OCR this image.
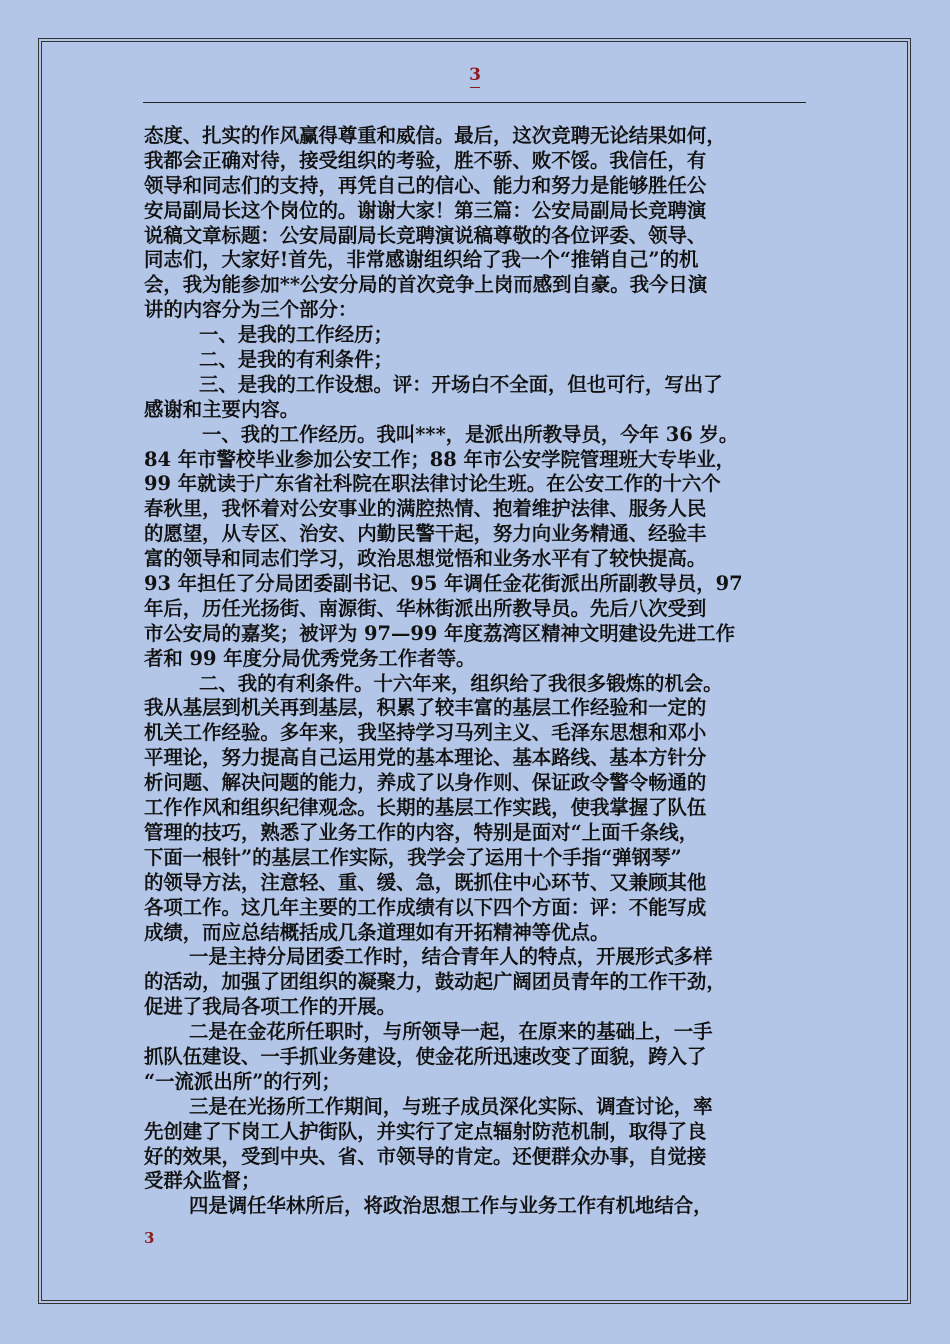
3
态度、扎实的作风赢得尊重和威信。最后，这次竞聘无论结果如何，
我都会正确对待，接受组织的考验，胜不骄、败不馁。我信任，有
领导和同志们的支持，再凭自己的信心、能力和努力是能够胜任公
安局副局长这个岗位的。谢谢大家！第三篇：公安局副局长竞聘演
说稿文章标题：公安局副局长竞聘演说稿尊敬的各位评委、领导、
同志们，大家好!首先，非常感谢组织给了我一个“推销自己”的机
会，我为能参加**公安分局的首次竞争上岗而感到自豪。我今日演
讲的内容分为三个部分：
一、是我的工作经历；
二、是我的有利条件；
三、是我的工作设想。评：开场白不全面，但也可行，写出了
感谢和主要内容。
一、我的工作经历。我叫***，是派出所教导员，今年 36 岁。
84 年市警校毕业参加公安工作；88 年市公安学院管理班大专毕业，
99 年就读于广东省社科院在职法律讨论生班。在公安工作的十六个
春秋里，我怀着对公安事业的满腔热情、抱着维护法律、服务人民
的愿望，从专区、治安、内勤民警干起，努力向业务精通、经验丰
富的领导和同志们学习，政治思想觉悟和业务水平有了较快提高。
93 年担任了分局团委副书记、95 年调任金花街派出所副教导员，97
年后，历任光扬街、南源街、华林街派出所教导员。先后八次受到
市公安局的嘉奖；被评为 97—99 年度荔湾区精神文明建设先进工作
者和 99 年度分局优秀党务工作者等。
二、我的有利条件。十六年来，组织给了我很多锻炼的机会。
我从基层到机关再到基层，积累了较丰富的基层工作经验和一定的
机关工作经验。多年来，我坚持学习马列主义、毛泽东思想和邓小
平理论，努力提高自己运用党的基本理论、基本路线、基本方针分
析问题、解决问题的能力，养成了以身作则、保证政令警令畅通的
工作作风和组织纪律观念。长期的基层工作实践，使我掌握了队伍
管理的技巧，熟悉了业务工作的内容，特别是面对“上面千条线，
下面一根针”的基层工作实际，我学会了运用十个手指“弹钢琴”
的领导方法，注意轻、重、缓、急，既抓住中心环节、又兼顾其他
各项工作。这几年主要的工作成绩有以下四个方面：评：不能写成
成绩，而应总结概括成几条道理如有开拓精神等优点。
一是主持分局团委工作时，结合青年人的特点，开展形式多样
的活动，加强了团组织的凝聚力，鼓动起广阔团员青年的工作干劲，
促进了我局各项工作的开展。
二是在金花所任职时，与所领导一起，在原来的基础上，一手
抓队伍建设、一手抓业务建设，使金花所迅速改变了面貌，跨入了
“一流派出所”的行列；
三是在光扬所工作期间，与班子成员深化实际、调查讨论，率
先创建了下岗工人护街队，并实行了定点辐射防范机制，取得了良
好的效果，受到中央、省、市领导的肯定。还便群众办事，自觉接
受群众监督；
四是调任华林所后，将政治思想工作与业务工作有机地结合，
3
